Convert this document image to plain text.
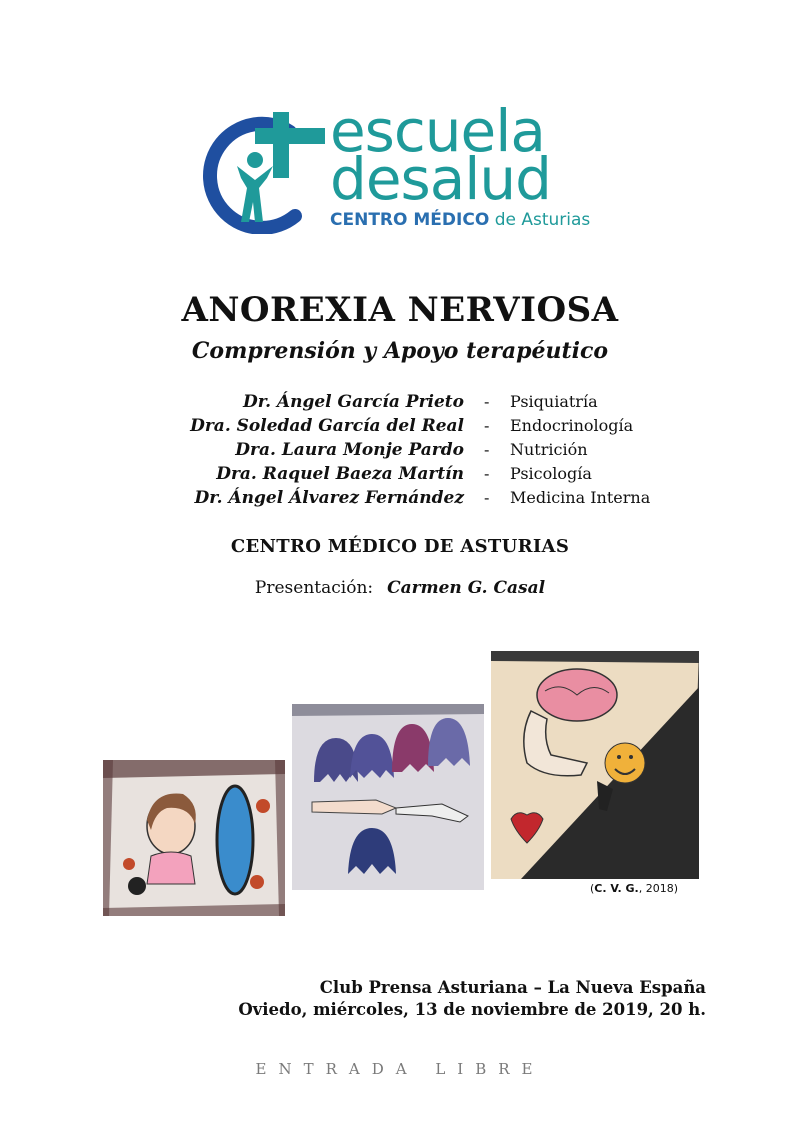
escuela
desalud
CENTRO MÉDICO de Asturias
ANOREXIA NERVIOSA
Comprensión y Apoyo terapéutico
Dr. Ángel García Prieto - Psiquiatría
Dra. Soledad García del Real - Endocrinología
Dra. Laura Monje Pardo - Nutrición
Dra. Raquel Baeza Martín - Psicología
Dr. Ángel Álvarez Fernández - Medicina Interna
CENTRO MÉDICO DE ASTURIAS
Presentación: Carmen G. Casal
(C. V. G., 2018)
Club Prensa Asturiana – La Nueva España
Oviedo, miércoles, 13 de noviembre de 2019, 20 h.
ENTRADA LIBRE
